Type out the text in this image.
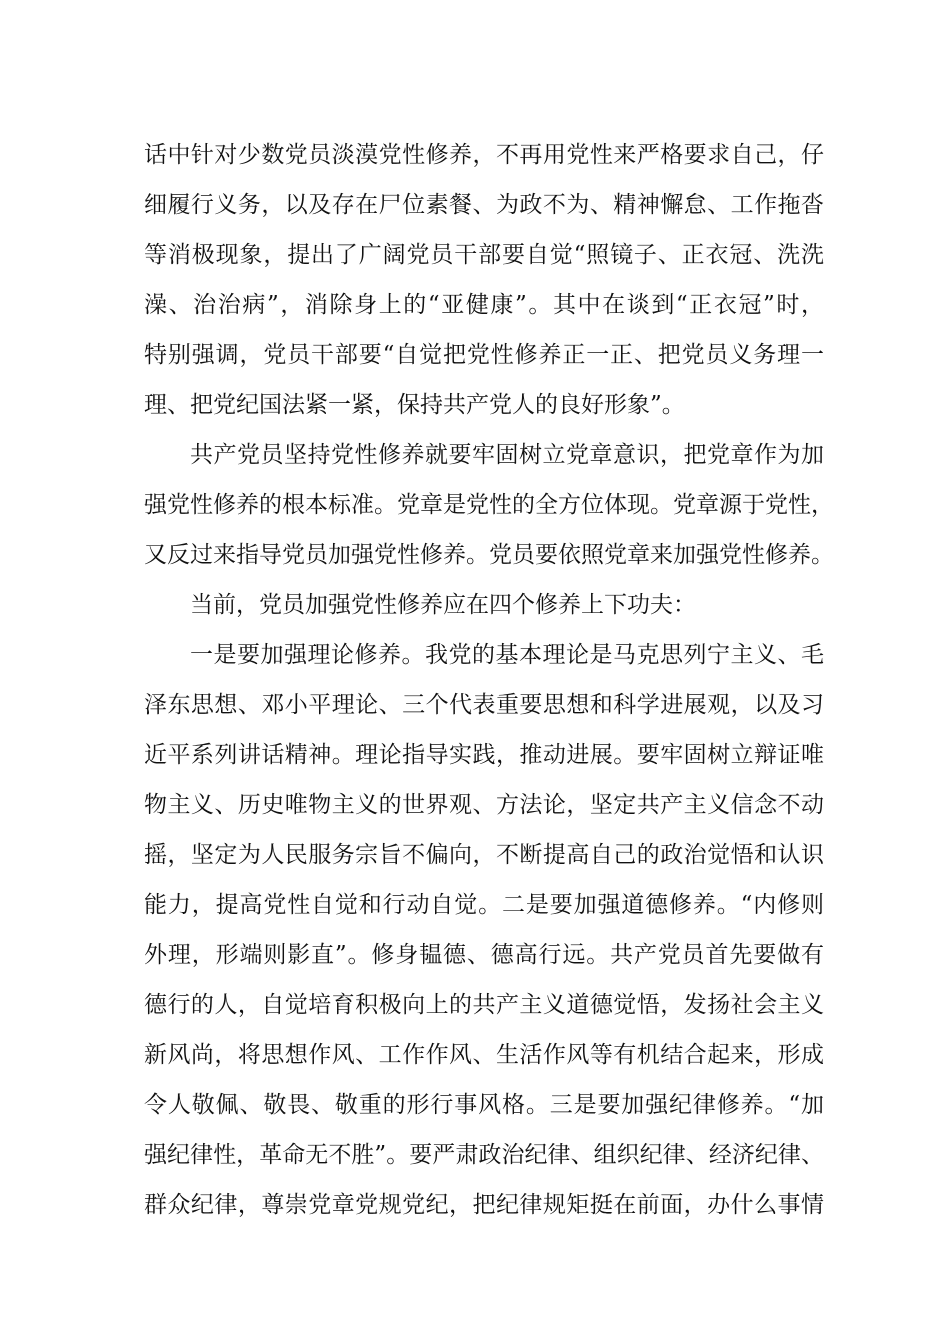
话中针对少数党员淡漠党性修养，不再用党性来严格要求自己，仔
细履行义务，以及存在尸位素餐、为政不为、精神懈怠、工作拖沓
等消极现象，提出了广阔党员干部要自觉“照镜子、正衣冠、洗洗
澡、治治病”，消除身上的“亚健康”。其中在谈到“正衣冠”时，
特别强调，党员干部要“自觉把党性修养正一正、把党员义务理一
理、把党纪国法紧一紧，保持共产党人的良好形象”。
共产党员坚持党性修养就要牢固树立党章意识，把党章作为加
强党性修养的根本标准。党章是党性的全方位体现。党章源于党性，
又反过来指导党员加强党性修养。党员要依照党章来加强党性修养。
当前，党员加强党性修养应在四个修养上下功夫：
一是要加强理论修养。我党的基本理论是马克思列宁主义、毛
泽东思想、邓小平理论、三个代表重要思想和科学进展观，以及习
近平系列讲话精神。理论指导实践，推动进展。要牢固树立辩证唯
物主义、历史唯物主义的世界观、方法论，坚定共产主义信念不动
摇，坚定为人民服务宗旨不偏向，不断提高自己的政治觉悟和认识
能力，提高党性自觉和行动自觉。二是要加强道德修养。“内修则
外理，形端则影直”。修身韫德、德高行远。共产党员首先要做有
德行的人，自觉培育积极向上的共产主义道德觉悟，发扬社会主义
新风尚，将思想作风、工作作风、生活作风等有机结合起来，形成
令人敬佩、敬畏、敬重的形行事风格。三是要加强纪律修养。“加
强纪律性，革命无不胜”。要严肃政治纪律、组织纪律、经济纪律、
群众纪律，尊崇党章党规党纪，把纪律规矩挺在前面，办什么事情
